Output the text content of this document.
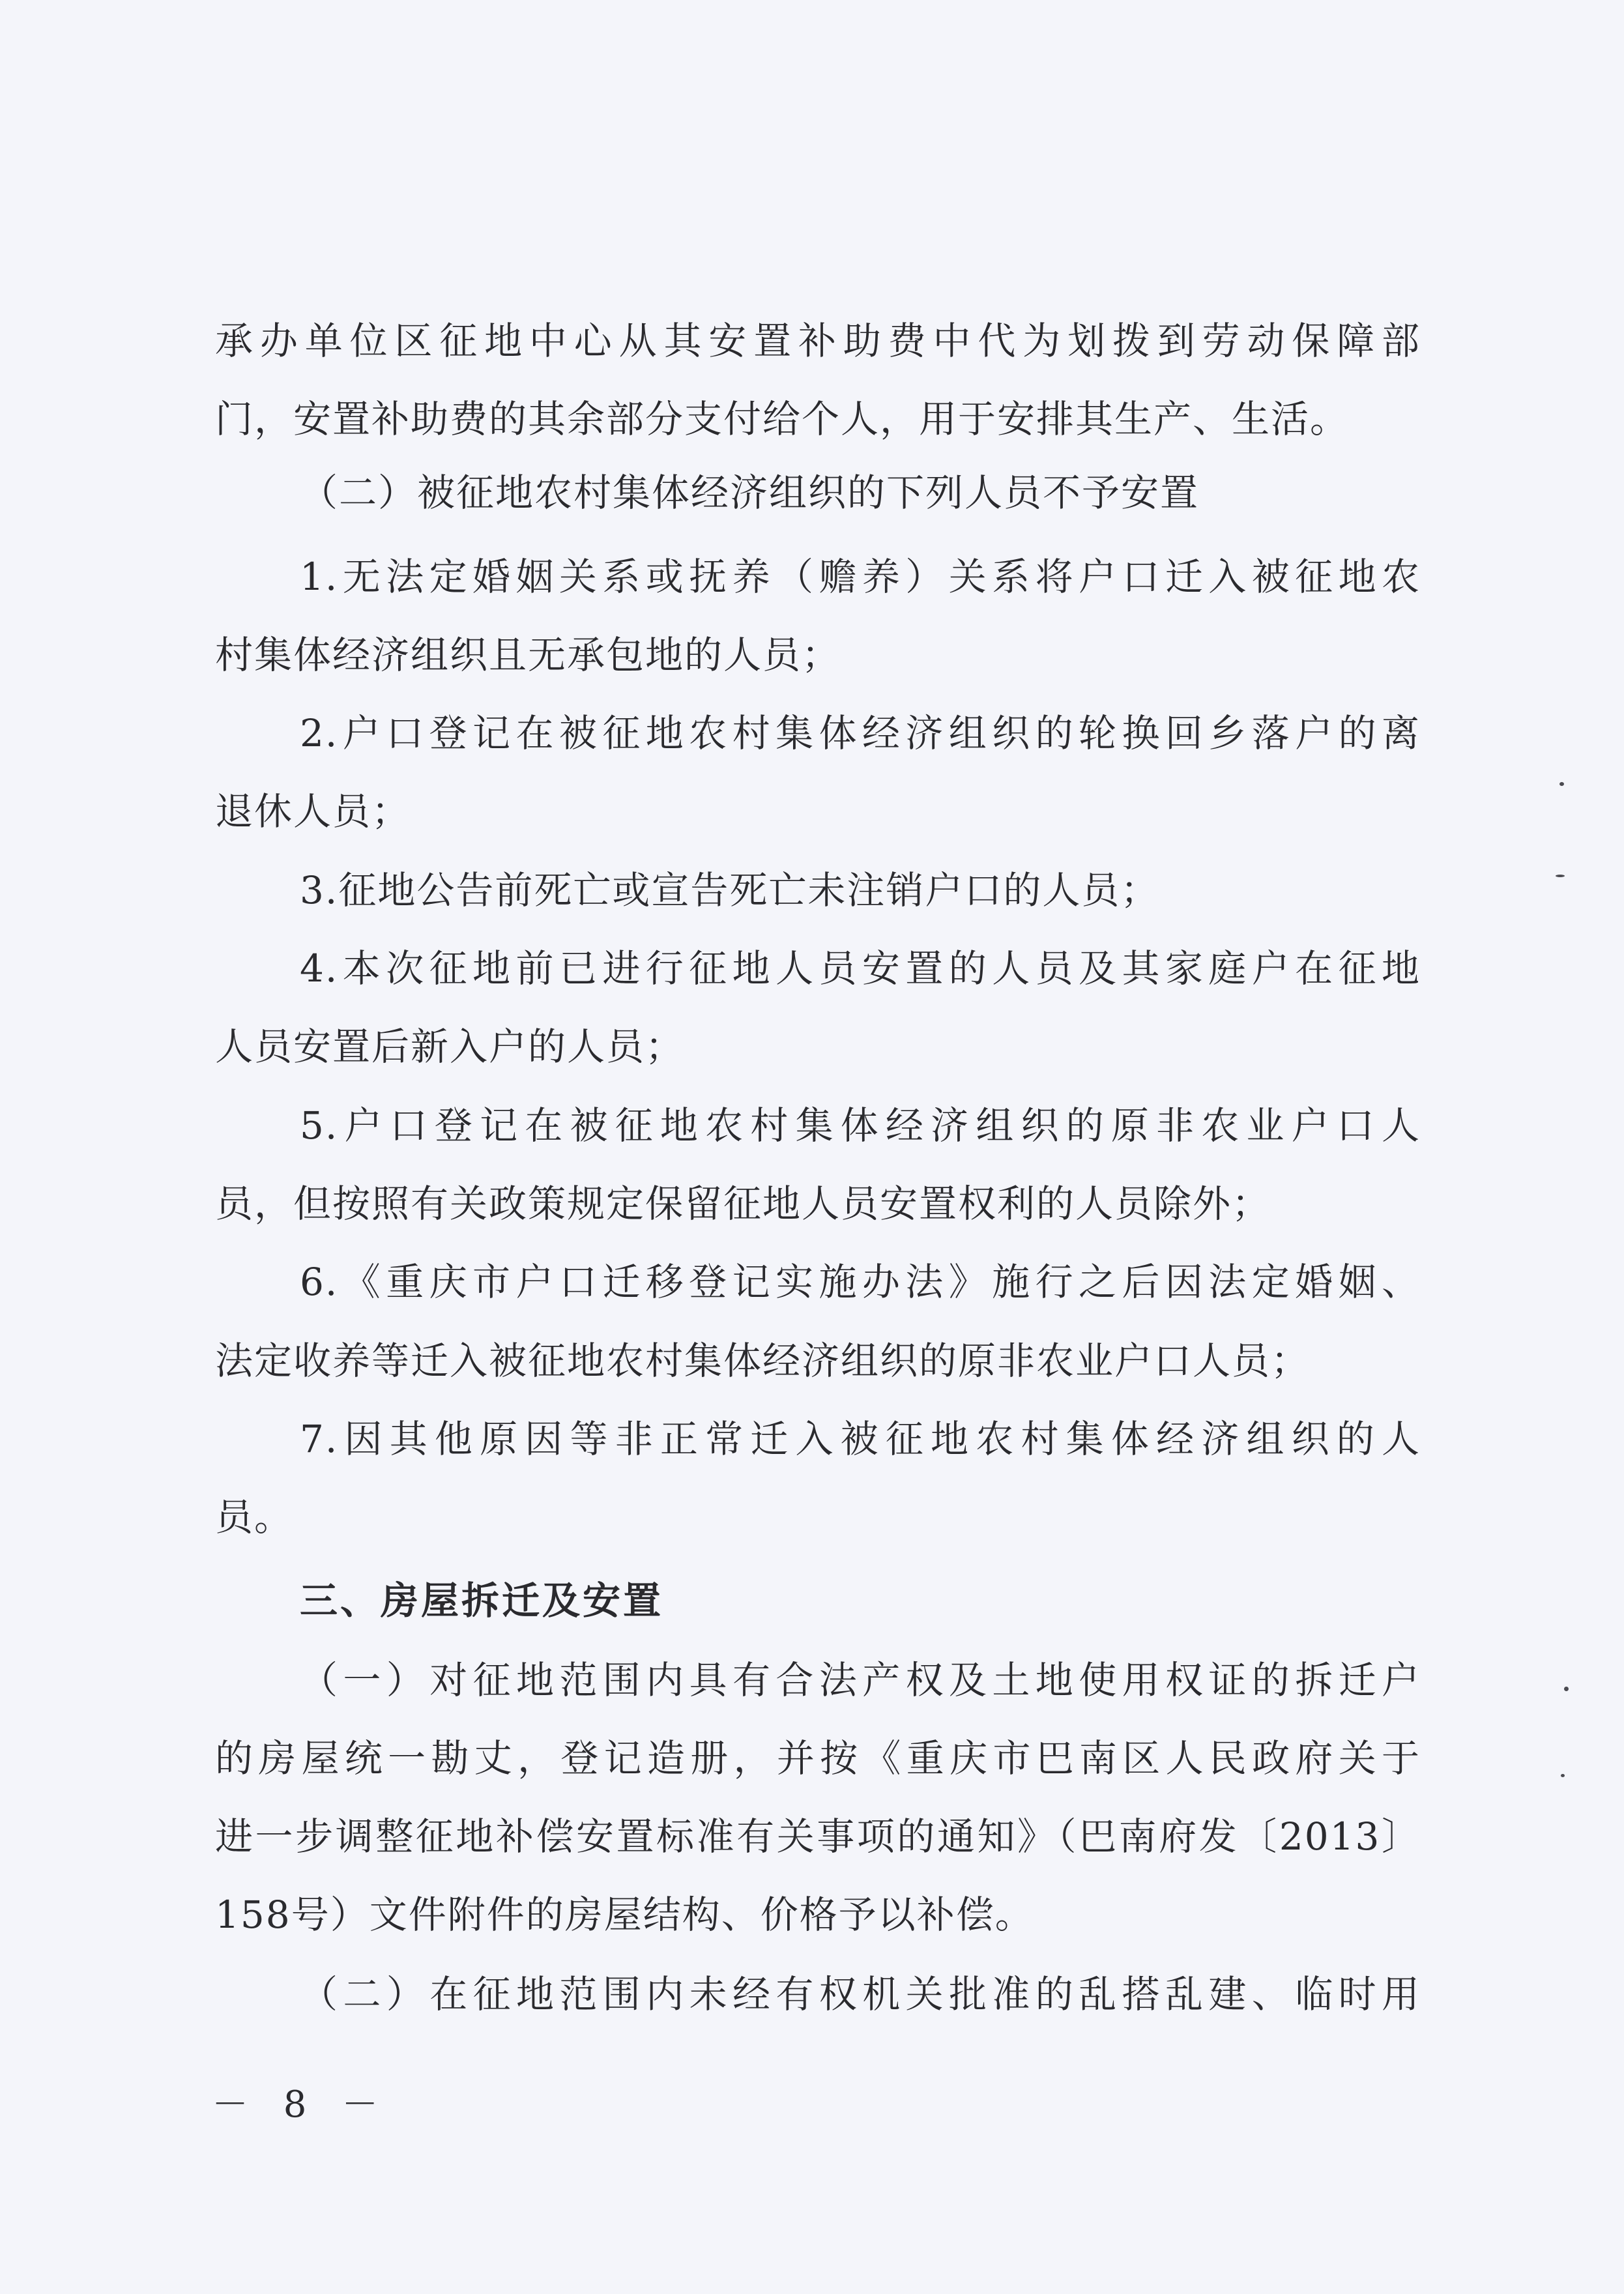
承办单位区征地中心从其安置补助费中代为划拨到劳动保障部
门，安置补助费的其余部分支付给个人，用于安排其生产、生活。
（二）被征地农村集体经济组织的下列人员不予安置
1.无法定婚姻关系或抚养（赡养）关系将户口迁入被征地农
村集体经济组织且无承包地的人员；
2.户口登记在被征地农村集体经济组织的轮换回乡落户的离
退休人员；
3.征地公告前死亡或宣告死亡未注销户口的人员；
4.本次征地前已进行征地人员安置的人员及其家庭户在征地
人员安置后新入户的人员；
5.户口登记在被征地农村集体经济组织的原非农业户口人
员，但按照有关政策规定保留征地人员安置权利的人员除外；
6.《重庆市户口迁移登记实施办法》施行之后因法定婚姻、
法定收养等迁入被征地农村集体经济组织的原非农业户口人员；
7.因其他原因等非正常迁入被征地农村集体经济组织的人
员。
三、房屋拆迁及安置
（一）对征地范围内具有合法产权及土地使用权证的拆迁户
的房屋统一勘丈，登记造册，并按《重庆市巴南区人民政府关于
进一步调整征地补偿安置标准有关事项的通知》（巴南府发〔2013〕
158号）文件附件的房屋结构、价格予以补偿。
（二）在征地范围内未经有权机关批准的乱搭乱建、临时用
－ 8 －
